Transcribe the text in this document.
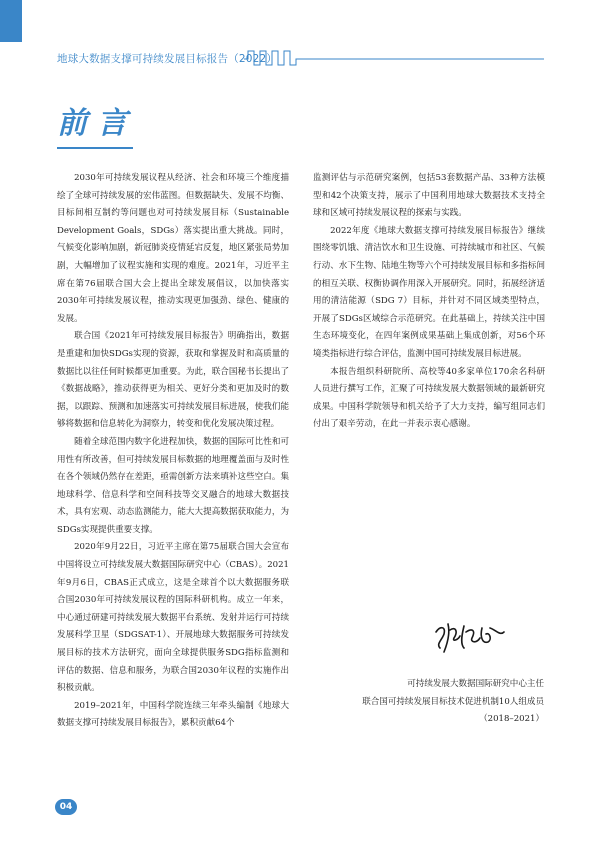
地球大数据支撑可持续发展目标报告（2022）
前言

2030年可持续发展议程从经济、社会和环境三个维度描绘了全球可持续发展的宏伟蓝图。但数据缺失、发展不均衡、目标间相互制约等问题也对可持续发展目标（Sustainable Development Goals，SDGs）落实提出重大挑战。同时，气候变化影响加剧，新冠肺炎疫情延宕反复，地区紧张局势加剧，大幅增加了议程实施和实现的难度。2021年，习近平主席在第76届联合国大会上提出全球发展倡议，以加快落实2030年可持续发展议程，推动实现更加强劲、绿色、健康的发展。

联合国《2021年可持续发展目标报告》明确指出，数据是重建和加快SDGs实现的资源，获取和掌握及时和高质量的数据比以往任何时候都更加重要。为此，联合国秘书长提出了《数据战略》，推动获得更为相关、更好分类和更加及时的数据，以跟踪、预测和加速落实可持续发展目标进展，使我们能够将数据和信息转化为洞察力，转变和优化发展决策过程。

随着全球范围内数字化进程加快，数据的国际可比性和可用性有所改善，但可持续发展目标数据的地理覆盖面与及时性在各个领域仍然存在差距，亟需创新方法来填补这些空白。集地球科学、信息科学和空间科技等交叉融合的地球大数据技术，具有宏观、动态监测能力，能大大提高数据获取能力，为SDGs实现提供重要支撑。

2020年9月22日，习近平主席在第75届联合国大会宣布中国将设立可持续发展大数据国际研究中心（CBAS）。2021年9月6日，CBAS正式成立，这是全球首个以大数据服务联合国2030年可持续发展议程的国际科研机构。成立一年来，中心通过研建可持续发展大数据平台系统、发射并运行可持续发展科学卫星（SDGSAT-1）、开展地球大数据服务可持续发展目标的技术方法研究，面向全球提供服务SDG指标监测和评估的数据、信息和服务，为联合国2030年议程的实施作出积极贡献。

2019–2021年，中国科学院连续三年牵头编制《地球大数据支撑可持续发展目标报告》，累积贡献64个

监测评估与示范研究案例，包括53套数据产品、33种方法模型和42个决策支持，展示了中国利用地球大数据技术支持全球和区域可持续发展议程的探索与实践。

2022年度《地球大数据支撑可持续发展目标报告》继续围绕零饥饿、清洁饮水和卫生设施、可持续城市和社区、气候行动、水下生物、陆地生物等六个可持续发展目标和多指标间的相互关联、权衡协调作用深入开展研究。同时，拓展经济适用的清洁能源（SDG 7）目标，并针对不同区域类型特点，开展了SDGs区域综合示范研究。在此基础上，持续关注中国生态环境变化，在四年案例成果基础上集成创新，对56个环境类指标进行综合评估，监测中国可持续发展目标进展。

本报告组织科研院所、高校等40多家单位170余名科研人员进行撰写工作，汇聚了可持续发展大数据领域的最新研究成果。中国科学院领导和机关给予了大力支持，编写组同志们付出了艰辛劳动，在此一并表示衷心感谢。

可持续发展大数据国际研究中心主任
联合国可持续发展目标技术促进机制10人组成员
（2018–2021）
04
